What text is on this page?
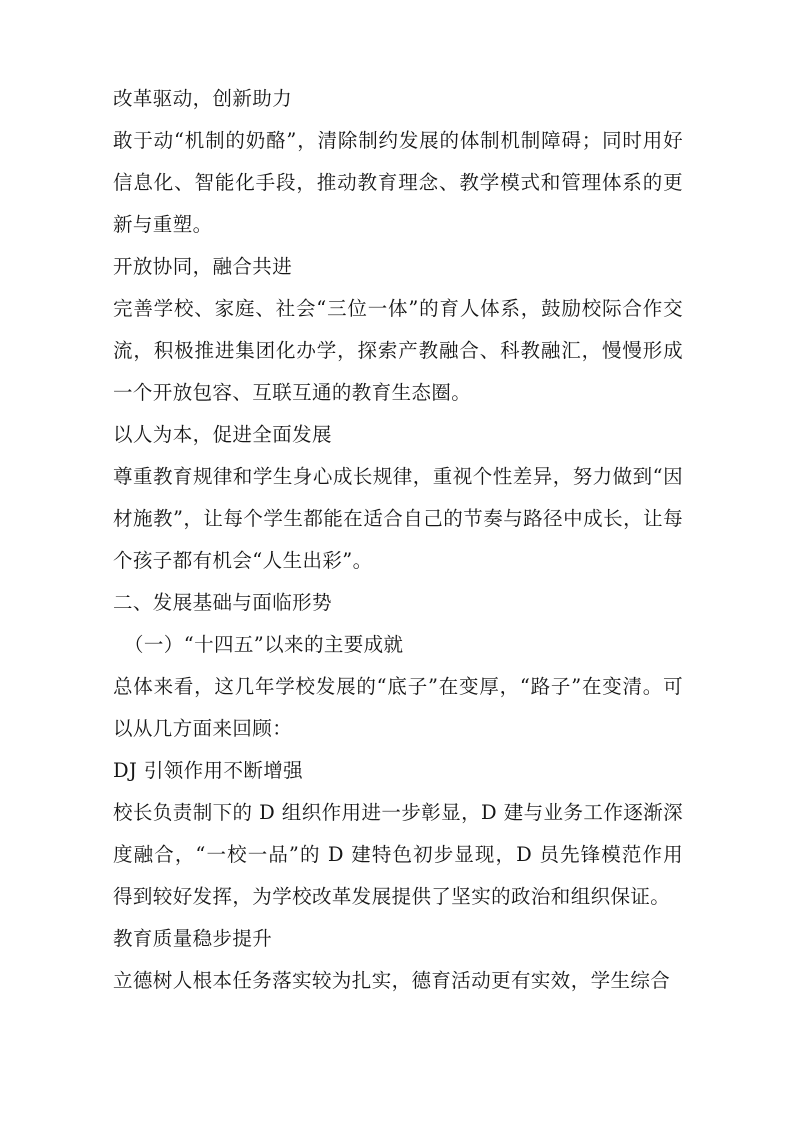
改革驱动，创新助力

敢于动“机制的奶酪”，清除制约发展的体制机制障碍；同时用好信息化、智能化手段，推动教育理念、教学模式和管理体系的更新与重塑。

开放协同，融合共进

完善学校、家庭、社会“三位一体”的育人体系，鼓励校际合作交流，积极推进集团化办学，探索产教融合、科教融汇，慢慢形成一个开放包容、互联互通的教育生态圈。

以人为本，促进全面发展

尊重教育规律和学生身心成长规律，重视个性差异，努力做到“因材施教”，让每个学生都能在适合自己的节奏与路径中成长，让每个孩子都有机会“人生出彩”。

二、发展基础与面临形势

（一）“十四五”以来的主要成就

总体来看，这几年学校发展的“底子”在变厚，“路子”在变清。可以从几方面来回顾：

DJ 引领作用不断增强

校长负责制下的 D 组织作用进一步彰显，D 建与业务工作逐渐深度融合，“一校一品”的 D 建特色初步显现，D 员先锋模范作用得到较好发挥，为学校改革发展提供了坚实的政治和组织保证。

教育质量稳步提升

立德树人根本任务落实较为扎实，德育活动更有实效，学生综合
